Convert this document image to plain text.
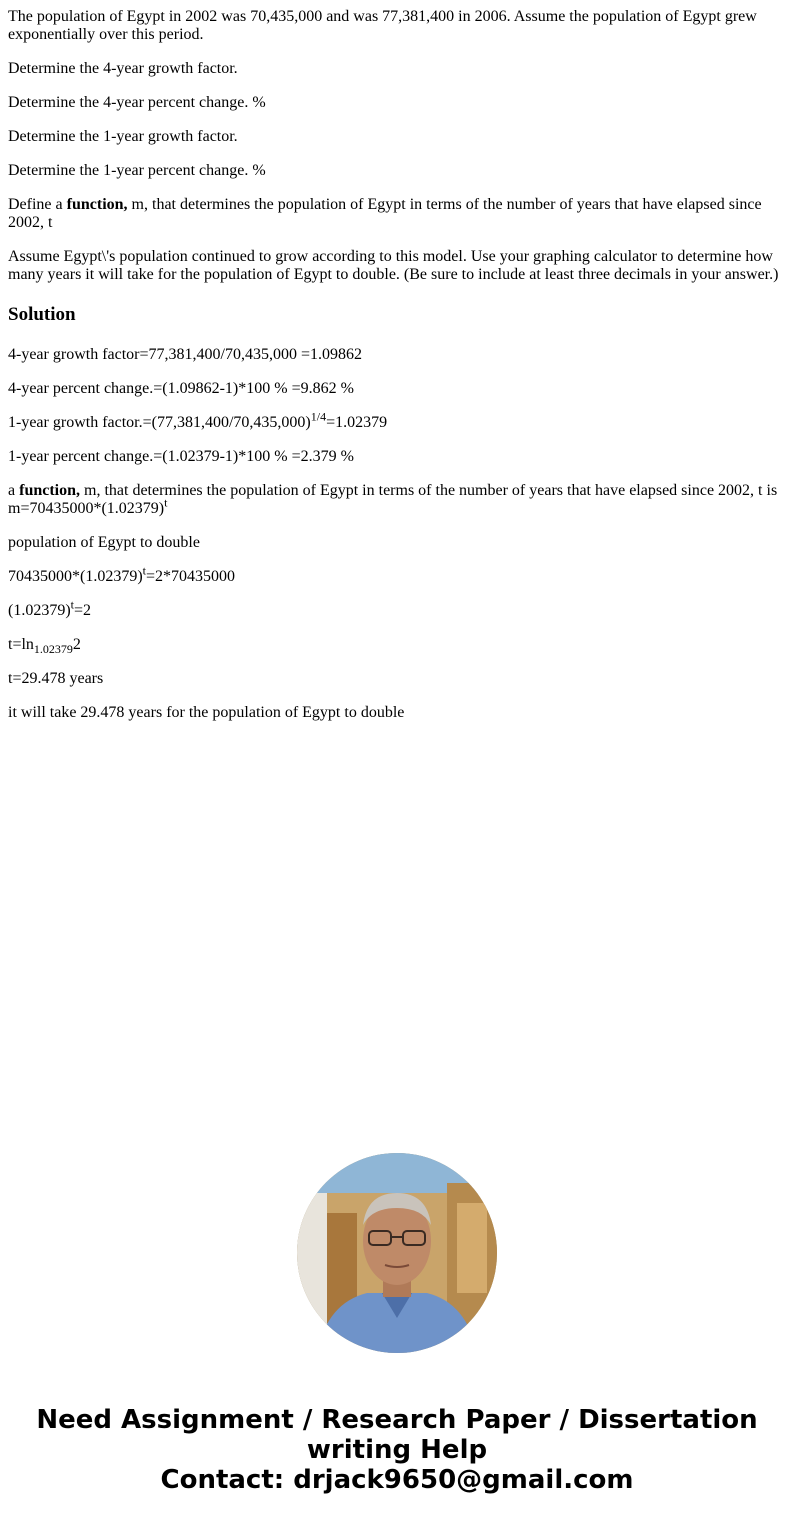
The population of Egypt in 2002 was 70,435,000 and was 77,381,400 in 2006. Assume the population of Egypt grew exponentially over this period.

Determine the 4-year growth factor.

Determine the 4-year percent change. %

Determine the 1-year growth factor.

Determine the 1-year percent change. %

Define a function, m, that determines the population of Egypt in terms of the number of years that have elapsed since 2002, t

Assume Egypt\'s population continued to grow according to this model. Use your graphing calculator to determine how many years it will take for the population of Egypt to double. (Be sure to include at least three decimals in your answer.)

Solution

4-year growth factor=77,381,400/70,435,000 =1.09862

4-year percent change.=(1.09862-1)*100 % =9.862 %

1-year growth $factor.=(77,381,400/70,435,000)^{1/4}=1.02379$

1-year percent change.=(1.02379-1)*100 % =2.379 %

a function, m, that determines the population of Egypt in terms of the number of years that have elapsed since 2002, t is
$m=70435000*(1.02379)^t$

population of Egypt to double

$70435000*(1.02379)^t=2*70435000$

$(1.02379)^t=2$

$t=\ln_{1.02379}2$

t=29.478 years

it will take 29.478 years for the population of Egypt to double

Need Assignment / Research Paper / Dissertation
writing Help
Contact: drjack9650@gmail.com
